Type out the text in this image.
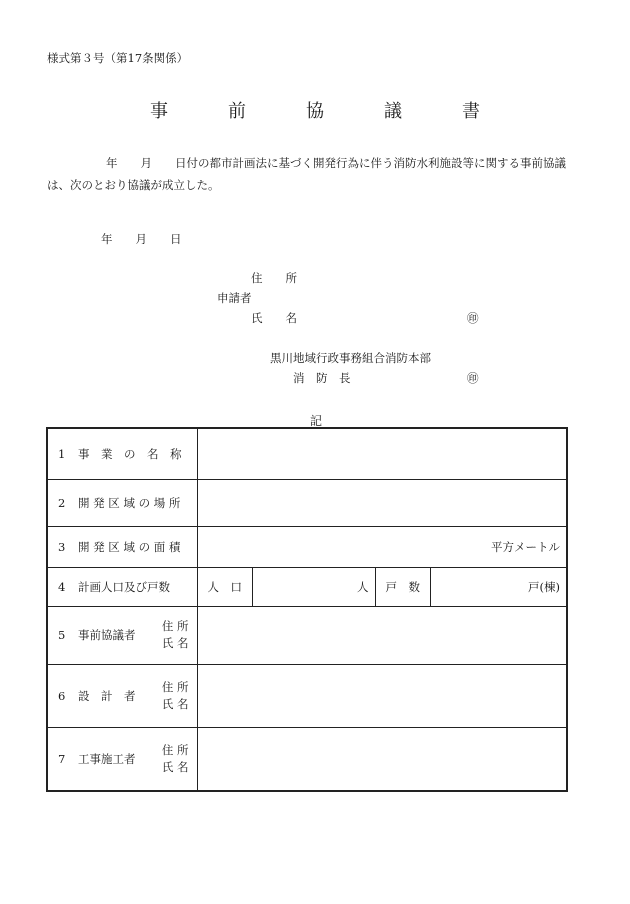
様式第３号（第17条関係）
事	前	協	議	書
年　　月　　日付の都市計画法に基づく開発行為に伴う消防水利施設等に関する事前協議
は、次のとおり協議が成立した。
年　　月　　日
住　　所
申請者
氏　　名	㊞
黒川地域行政事務組合消防本部
消　防　長	㊞
記
1 事　業　の　名　称				

2 開 発 区 域 の 場 所				

3 開 発 区 域 の 面 積	平方メートル			

4 計画人口及び戸数	人　口	人	戸　数	戸(棟)

5 事前協議者
住 所
氏 名				

6 設　計　者
住 所
氏 名				

7 工事施工者
住 所
氏 名				
